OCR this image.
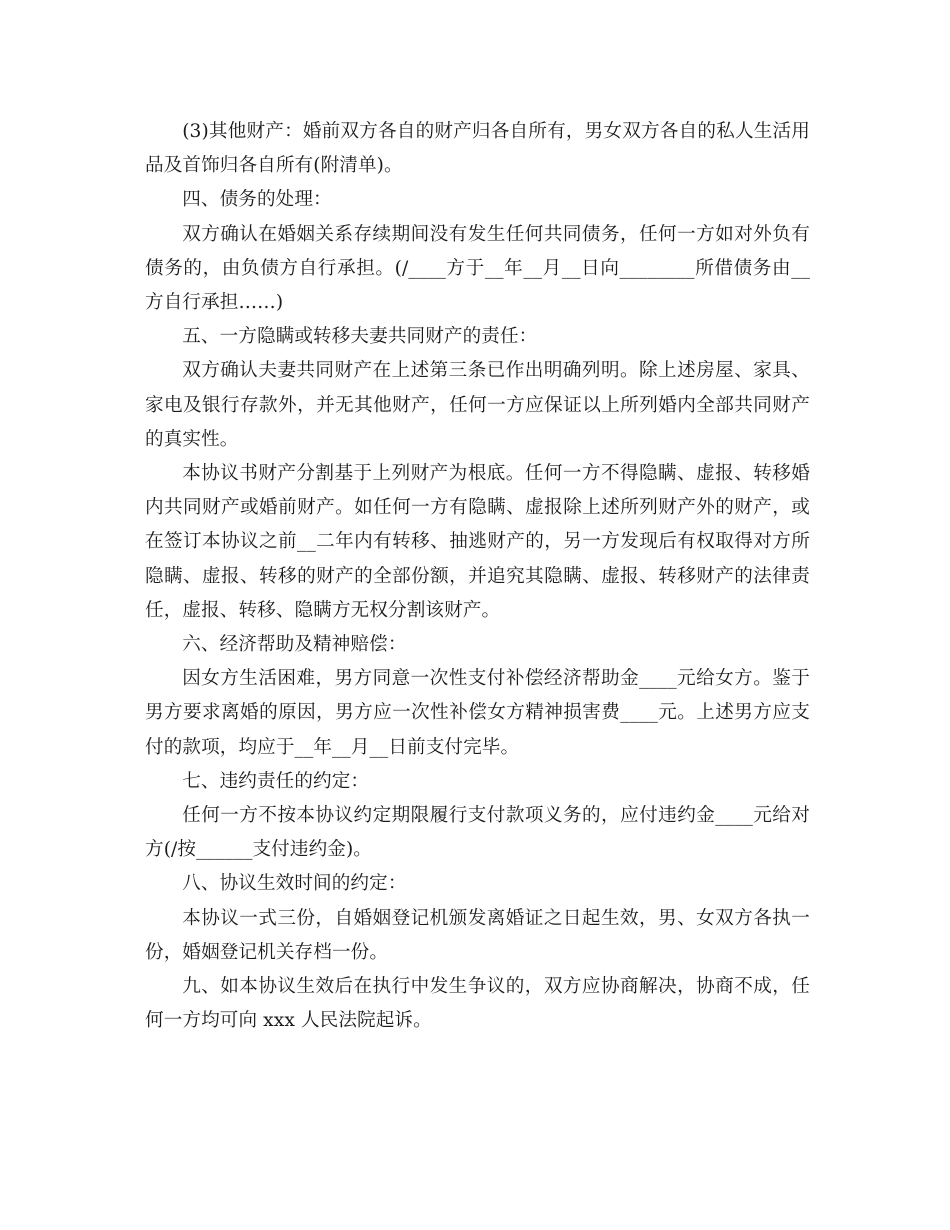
(3)其他财产：婚前双方各自的财产归各自所有，男女双方各自的私人生活用品及首饰归各自所有(附清单)。

四、债务的处理：

双方确认在婚姻关系存续期间没有发生任何共同债务，任何一方如对外负有债务的，由负债方自行承担。(/____方于__年__月__日向________所借债务由__方自行承担……)

五、一方隐瞒或转移夫妻共同财产的责任：

双方确认夫妻共同财产在上述第三条已作出明确列明。除上述房屋、家具、家电及银行存款外，并无其他财产，任何一方应保证以上所列婚内全部共同财产的真实性。

本协议书财产分割基于上列财产为根底。任何一方不得隐瞒、虚报、转移婚内共同财产或婚前财产。如任何一方有隐瞒、虚报除上述所列财产外的财产，或在签订本协议之前__二年内有转移、抽逃财产的，另一方发现后有权取得对方所隐瞒、虚报、转移的财产的全部份额，并追究其隐瞒、虚报、转移财产的法律责任，虚报、转移、隐瞒方无权分割该财产。

六、经济帮助及精神赔偿：

因女方生活困难，男方同意一次性支付补偿经济帮助金____元给女方。鉴于男方要求离婚的原因，男方应一次性补偿女方精神损害费____元。上述男方应支付的款项，均应于__年__月__日前支付完毕。

七、违约责任的约定：

任何一方不按本协议约定期限履行支付款项义务的，应付违约金____元给对方(/按______支付违约金)。

八、协议生效时间的约定：

本协议一式三份，自婚姻登记机颁发离婚证之日起生效，男、女双方各执一份，婚姻登记机关存档一份。

九、如本协议生效后在执行中发生争议的，双方应协商解决，协商不成，任何一方均可向 xxx 人民法院起诉。
